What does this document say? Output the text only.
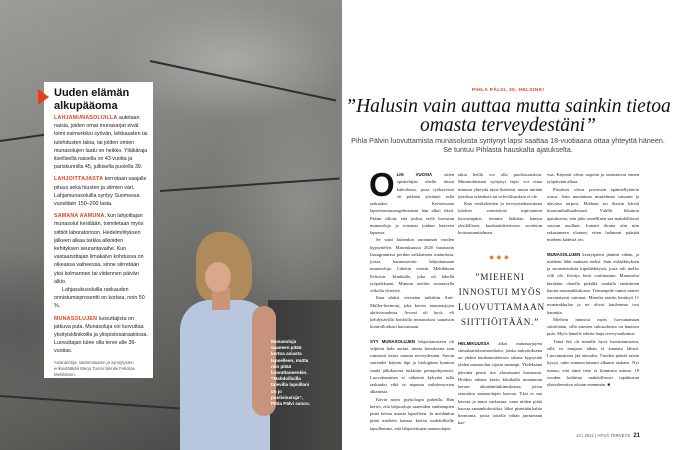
Munasoluja saaneen pitää kertoa asiasta lapselleen, mutta niin pitää luovuttaneenkin. ”Mahdollisilla tulevilla lapsillani on jo puolisisaruja”, Pihla Pälvi sanoo.
Uuden elämän alkupääoma

LAHJAMUNASOLUILLA autetaan naisia, joiden omat munasarjat eivät toimi esimerkiksi syövän, leikkausten tai tulehdusten takia, tai joiden omien munasolujen laatu on heikko. Yläikäraja itsellisellä naisella on 43 vuotta ja pariskunnilla 45, julkisella puolella 39.

LAHJOITTAJASTA kerrotaan saajalle pituus sekä hiusten ja silmien väri. Lahjamunasoluilla syntyy Suomessa vuosittain 150–200 lasta.

SAMANA AAMUNA, kun lahjoittajan munasolut kerätään, toimitetaan myös siittiöt laboratorioon. Hedelmöityksen jälkeen alkaa tarkka alkioiden kehityksen seurantavaihe. Kun vastaanottajan limakalvo kohdussa on oikeassa vaiheessa, sinne siirretään yksi kolmannen tai viidennen päivän alkio.

Lahjasukusoluilla raskauden onnistumisprosentti on korkea, noin 50 %.

MUNASOLUJEN luovuttajista on jatkuva pula. Munasoluja voi luovuttaa yksityisklinikoilla ja yliopistosairaaloissa. Luovuttajan tulee olla terve alle 36-vuotias.

Asiantuntija: naistentautien ja synnytysten erikoislääkäri Merja Tuomi Nikulai Felicitas Mehiläinen.
PIHLA PÄLVI, 30, HELSINKI
”Halusin vain auttaa mutta sainkin tietoa omasta terveydestäni”
Pihla Pälvin luovuttamista munasoluista syntynyt lapsi saattaa 18-vuotiaana ottaa yhteyttä häneen. Se tuntuu Pihlasta hauskalta ajatukselta.
O LIN VUOSIA sitten opiskelujen ohella töissä kahvilassa, jossa työkaverini oli pitkään yrittänyt tulla raskaaksi. Kertoessaan lapsettomuusongelmistaan hän alkoi itkeä. Päätin silloin, että joskus vielä luovutan munasoluja ja toteutan jonkun haaveen lapsesta.

Se vaati kuitenkin useamman vuoden kypsyttelyn. Marraskuussa 2020 huomasin Instagramissa perikin seikkaisena mainoksia, joissa kannustettiin lahjoittamaan munasoluja. Lähetin viestin Mehiläinen Felicitas -klinikalle, joka oli lähellä työpaikkaani. Minuun otettiin seuraavalla viikolla yhteyttä.

Ihan aluksi verestäni tutkittiin Anti-Müller-hormoni, joka kertoo munasarjojen aktiivisuudesta. Arvoni oli hyvä, eli kehdyttävillä hoidoilla munasoluni saataisiin kontrolloidusti kasvamaan.

SYY MUNASOLUJEN lahjoittamiseen oli vilpitön halu auttaa, mutta bonuksena sain runsaasti tietoa omasta terveydestäni. Suvun sairaudet käytiin läpi ja biologinen kuntoni saada jälkikasvua tutkittiin perinpohjaisesti. Luovuttaminen ei vähennä kykyäni tulla raskaaksi eikä se nopeuta vaihdevuosien alkamista.

Kävin myös psykologin puheilla. Hän kertoi, että lahjasoluja saaneiden vanhempien pitää kertoa asiasta lapselleen. Ja meidänkin pitää mieheni kanssa kertoa mahdollisille lapsillemme, että lahjoitettujen munasolujen

takia heillä voi olla puolisisaruksia. Munasoluistani syntynyt lapsi voi ottaa minuun yhteyttä täysi-ikäisenä, mutta mitään juridisia oikeuksia tai velvollisuuksia ei ole.

Kun verikokeiden ja terveystarkastuksen tulokset varmistivat sopivuuteni luovuttajaksi, teimme lääkärin kanssa yksilöllisen, kuukautiskiertooni sovitetun hoitosuunnitelman.

●●●
”MIEHENI INNOSTUI MYÖS LUOVUTTAMAAN SIITTIÖITÄÄN.”

HELMIKUUSSA alkoi munasarjojeni stimulaatiohormonihoito, jonka tarkoituksena on yhden kuukautiskierron aikana kypsyttää yhden munasolun sijasta useampi. Yhdeksänä päivänä pistin itse alavatsaani hormonia. Hoidon aikana kävin klinikalla muutaman kerran ultraäänitutkimuksissa, joissa seurattiin munasolujen kasvua. Yksi ei saa kasvaa ja muut surkastua, vaan niiden pitää kasvaa samankokoisiksi. Siksi pistetään kahta hormonia, joista toisella vähän jarrutetaan kas-

vua. Käynnit olivat nopeita ja onnistuivat ennen työpäiväni alkua.

Pistokset olivat prosessin epämiellyttävin osuus. Sain muutaman mustelman vatsaani ja alavatsa turposi. Mieheni sai iltaisin kärsiä hormonihulluudestani. Välillä liikutuin ajatuksesta, että joku onnellinen saa mahdollisesti vauvan avullani. Joinain iltoina olin niin rakastuneen oloinen, etten halunnut päästää mieheni kädestä irti.

MUNASOLUJEN keräyspäivä jännitti vähän, ja mieheni lähti mukaan tueksi. Sain esilääkityksen ja suonensisäistä kipulääkitystä, josta tuli melko villi olo. Keräys kesti varttitunnin. Munasolut kerätään ohuella pitkällä neulalla emättimen kautta munarakkuloista. Toimenpide tuntui muttei varsinaisesti sattunut. Minulta saatiin kerättyä 11 munarakkulaa ja ne olivat kuulemma tosi kauniita.

Mieheni innostui myös luovuttamaan siittiöitään, sillä miesten sukusoluista on huutava pula. Myös hänelle tehtiin laaja terveystutkimus.

Tämä ikä oli minulle hyvä luovuttamiseen, sillä ex tempore tähän ei kannata lähteä. Luovutuskerta jää ainoaksi. Vuoden päästä saisin kysyä, onko munasoluistani alkanut raskaus. Nyt tuntuu, että tämä tieto ei kiinnosta minua. 18 vuoden kuluttua mahdollisesti tapahtuvaa yhteydenottoa odotan enemmän. ■

14 | 2021 | HYVÄ TERVEYS 21
